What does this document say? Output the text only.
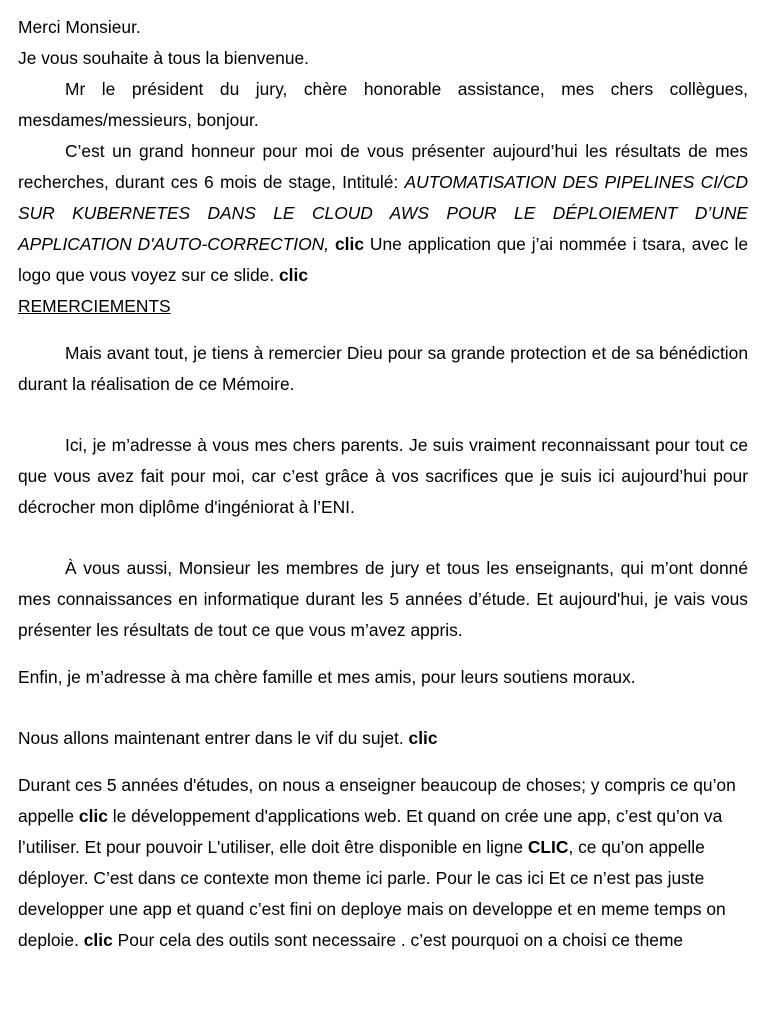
Merci Monsieur.

Je vous souhaite à tous la bienvenue.

Mr le président du jury, chère honorable assistance, mes chers collègues, mesdames/messieurs, bonjour.

C’est un grand honneur pour moi de vous présenter aujourd’hui les résultats de mes recherches, durant ces 6 mois de stage, Intitulé: AUTOMATISATION DES PIPELINES CI/CD SUR KUBERNETES DANS LE CLOUD AWS POUR LE DÉPLOIEMENT D’UNE APPLICATION D'AUTO-CORRECTION, clic Une application que j’ai nommée i tsara, avec le logo que vous voyez sur ce slide. clic

REMERCIEMENTS

Mais avant tout, je tiens à remercier Dieu pour sa grande protection et de sa bénédiction durant la réalisation de ce Mémoire.

Ici, je m’adresse à vous mes chers parents. Je suis vraiment reconnaissant pour tout ce que vous avez fait pour moi, car c’est grâce à vos sacrifices que je suis ici aujourd’hui pour décrocher mon diplôme d'ingéniorat à l’ENI.

À vous aussi, Monsieur les membres de jury et tous les enseignants, qui m’ont donné mes connaissances en informatique durant les 5 années d’étude. Et aujourd'hui, je vais vous présenter les résultats de tout ce que vous m’avez appris.

Enfin, je m’adresse à ma chère famille et mes amis, pour leurs soutiens moraux.

Nous allons maintenant entrer dans le vif du sujet. clic

Durant ces 5 années d'études, on nous a enseigner beaucoup de choses; y compris ce qu’on appelle clic le développement d'applications web. Et quand on crée une app, c’est qu’on va l’utiliser. Et pour pouvoir L'utiliser, elle doit être disponible en ligne CLIC, ce qu’on appelle déployer. C’est dans ce contexte mon theme ici parle. Pour le cas ici Et ce n’est pas juste developper une app et quand c’est fini on deploye mais on developpe et en meme temps on deploie. clic Pour cela des outils sont necessaire . c’est pourquoi on a choisi ce theme
